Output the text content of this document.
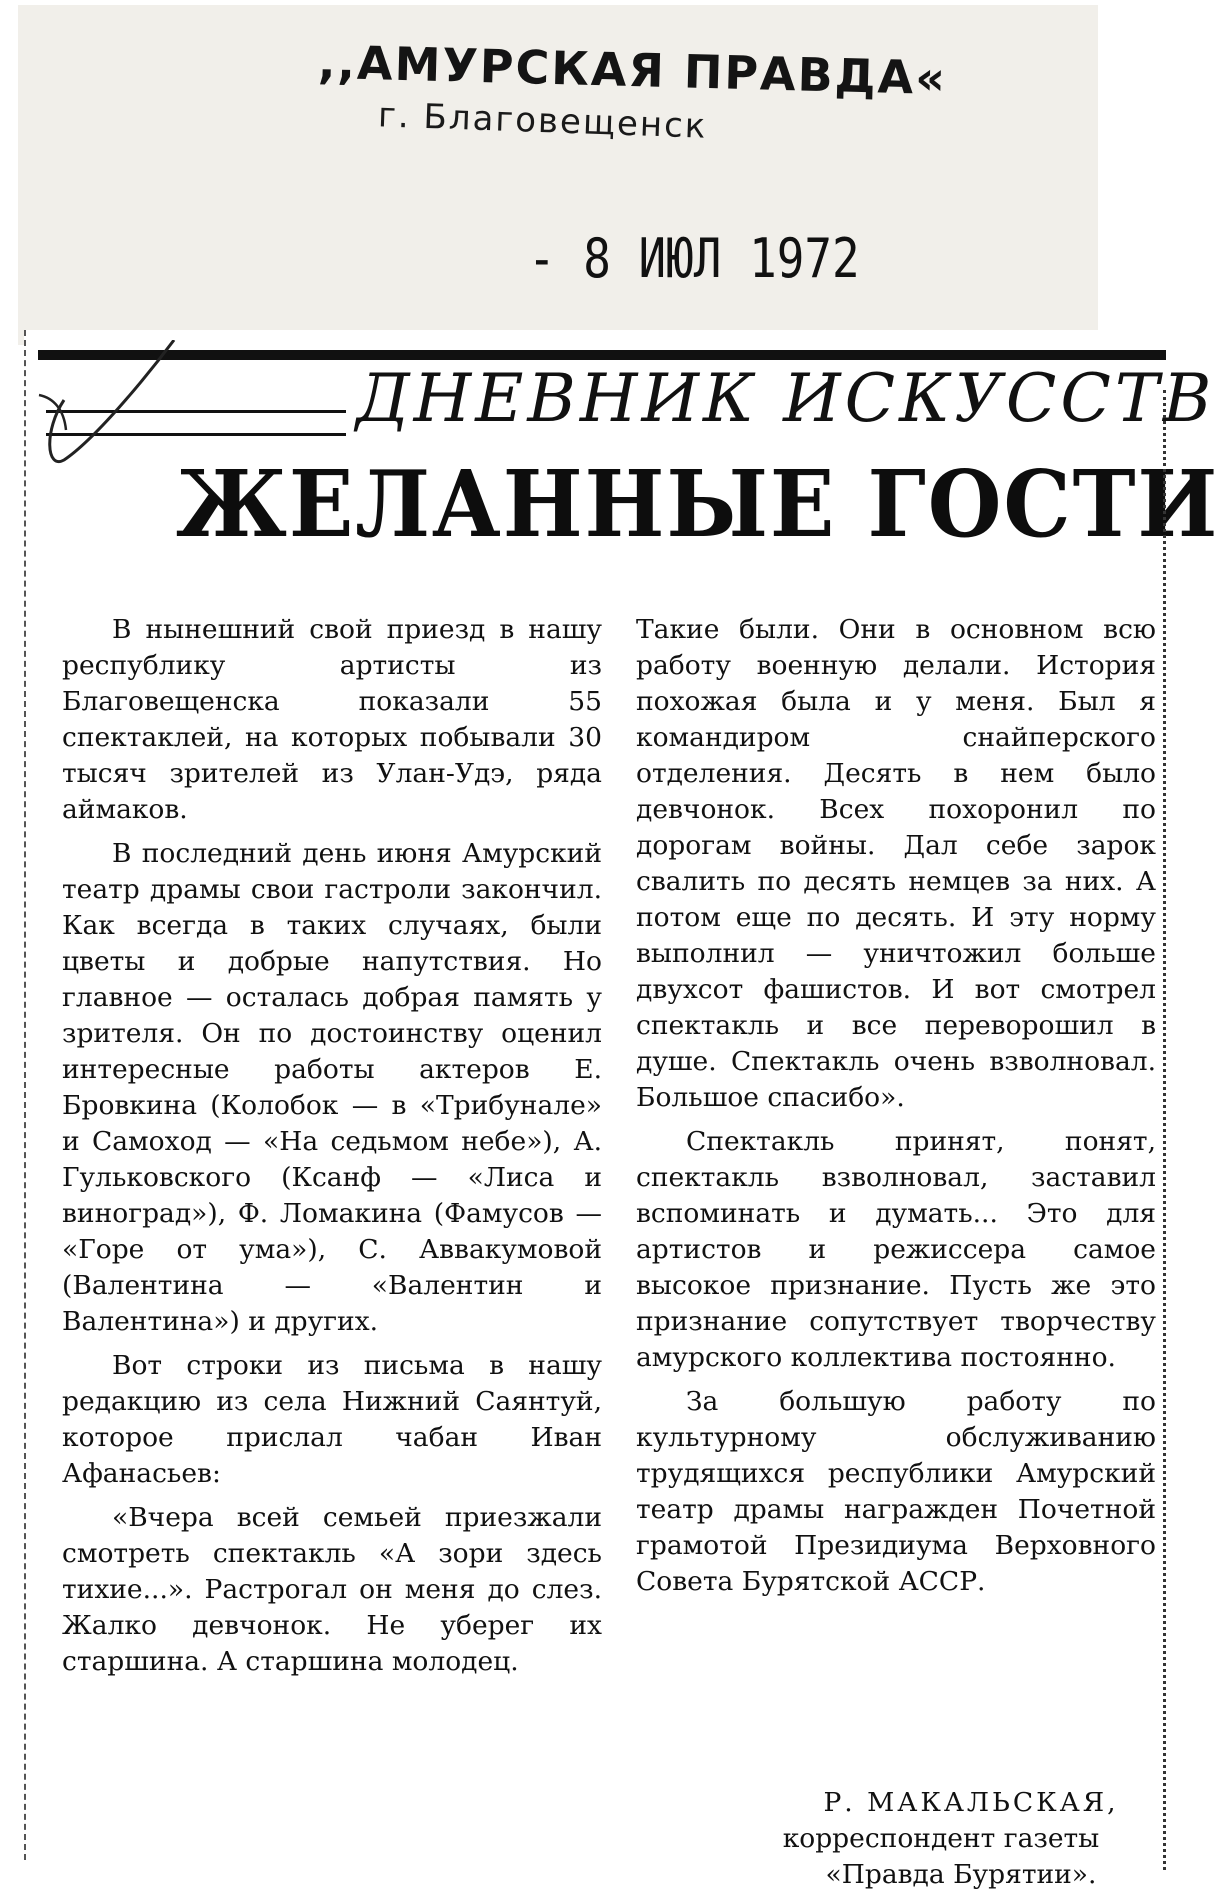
,,АМУРСКАЯ ПРАВДА«
г. Благовещенск
- 8 ИЮЛ 1972
ДНЕВНИК ИСКУССТВ
ЖЕЛАННЫЕ ГОСТИ

В нынешний свой приезд в нашу республику артисты из Благовещенска показали 55 спектаклей, на которых побывали 30 тысяч зрителей из Улан-Удэ, ряда аймаков.

В последний день июня Амурский театр драмы свои гастроли закончил. Как всегда в таких случаях, были цветы и добрые напутствия. Но главное — осталась добрая память у зрителя. Он по достоинству оценил интересные работы актеров Е. Бровкина (Колобок — в «Трибунале» и Самоход — «На седьмом небе»), А. Гульковского (Ксанф — «Лиса и виноград»), Ф. Ломакина (Фамусов — «Горе от ума»), С. Аввакумовой (Валентина — «Валентин и Валентина») и других.

Вот строки из письма в нашу редакцию из села Нижний Саянтуй, которое прислал чабан Иван Афанасьев:

«Вчера всей семьей приезжали смотреть спектакль «А зори здесь тихие...». Растрогал он меня до слез. Жалко девчонок. Не уберег их старшина. А старшина молодец.

Такие были. Они в основном всю работу военную делали. История похожая была и у меня. Был я командиром снайперского отделения. Десять в нем было девчонок. Всех похоронил по дорогам войны. Дал себе зарок свалить по десять немцев за них. А потом еще по десять. И эту норму выполнил — уничтожил больше двухсот фашистов. И вот смотрел спектакль и все переворошил в душе. Спектакль очень взволновал. Большое спасибо».

Спектакль принят, понят, спектакль взволновал, заставил вспоминать и думать... Это для артистов и режиссера самое высокое признание. Пусть же это признание сопутствует творчеству амурского коллектива постоянно.

За большую работу по культурному обслуживанию трудящихся республики Амурский театр драмы награжден Почетной грамотой Президиума Верховного Совета Бурятской АССР.

Р. МАКАЛЬСКАЯ,
корреспондент газеты
«Правда Бурятии».
